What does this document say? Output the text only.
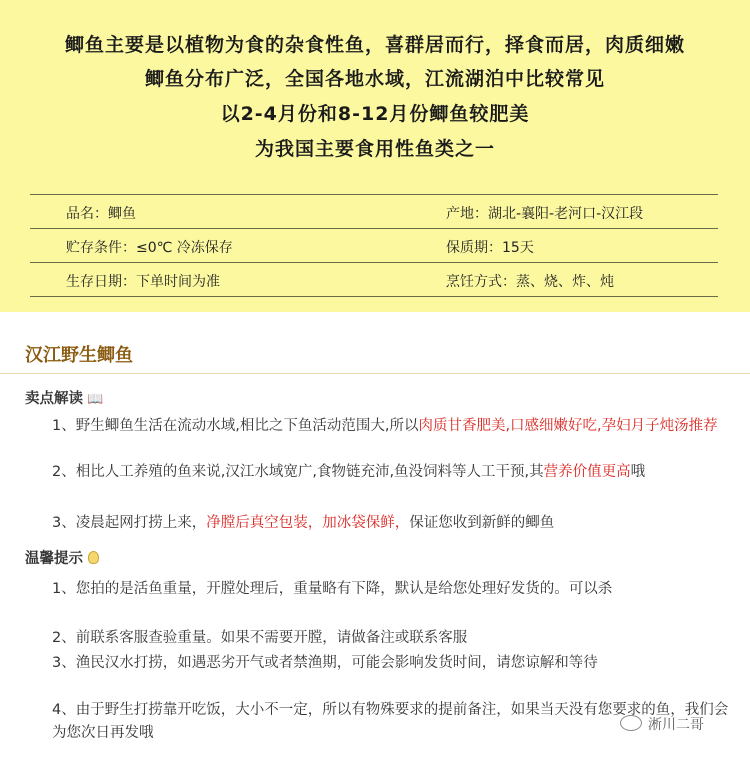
鲫鱼主要是以植物为食的杂食性鱼，喜群居而行，择食而居，肉质细嫩
鲫鱼分布广泛，全国各地水域，江流湖泊中比较常见
以2-4月份和8-12月份鲫鱼较肥美
为我国主要食用性鱼类之一
品名：鲫鱼	产地：湖北-襄阳-老河口-汉江段
贮存条件：≤0℃ 冷冻保存	保质期：15天
生存日期：下单时间为准	烹饪方式：蒸、烧、炸、炖
汉江野生鲫鱼
卖点解读 📖
1、野生鲫鱼生活在流动水域,相比之下鱼活动范围大,所以肉质甘香肥美,口感细嫩好吃,孕妇月子炖汤推荐
2、相比人工养殖的鱼来说,汉江水域宽广,食物链充沛,鱼没饲料等人工干预,其营养价值更高哦
3、凌晨起网打捞上来，净膛后真空包装，加冰袋保鲜，保证您收到新鲜的鲫鱼
温馨提示
1、您拍的是活鱼重量，开膛处理后，重量略有下降，默认是给您处理好发货的。可以杀
2、前联系客服查验重量。如果不需要开膛，请做备注或联系客服
3、渔民汉水打捞，如遇恶劣开气或者禁渔期，可能会影响发货时间，请您谅解和等待
4、由于野生打捞靠开吃饭，大小不一定，所以有物殊要求的提前备注，如果当天没有您要求的鱼，我们会为您次日再发哦	淅川二哥
